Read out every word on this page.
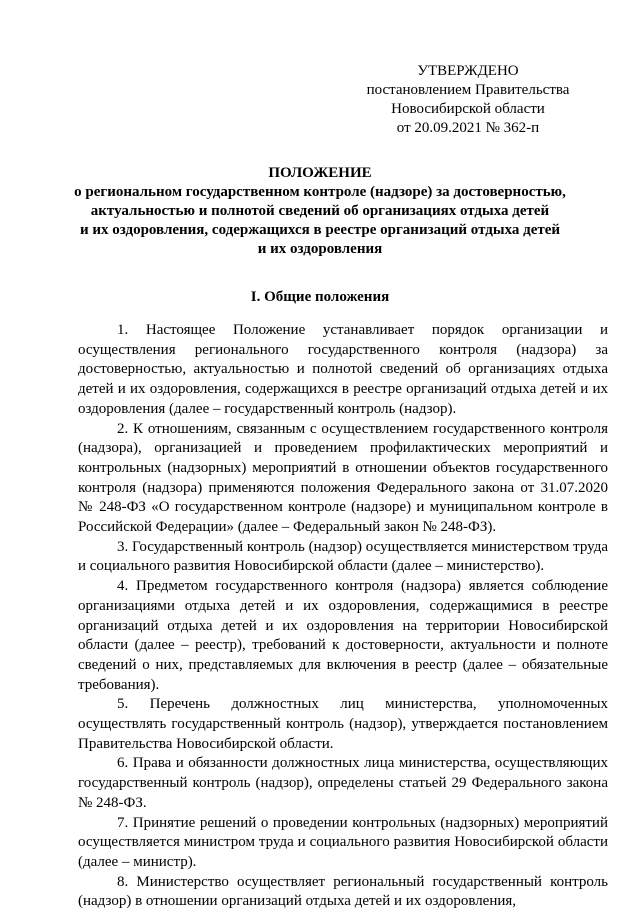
УТВЕРЖДЕНО
постановлением Правительства
Новосибирской области
от 20.09.2021 № 362-п
ПОЛОЖЕНИЕ
о региональном государственном контроле (надзоре) за достоверностью,
актуальностью и полнотой сведений об организациях отдыха детей
и их оздоровления, содержащихся в реестре организаций отдыха детей
и их оздоровления
I. Общие положения

1. Настоящее Положение устанавливает порядок организации и осуществления регионального государственного контроля (надзора) за достоверностью, актуальностью и полнотой сведений об организациях отдыха детей и их оздоровления, содержащихся в реестре организаций отдыха детей и их оздоровления (далее – государственный контроль (надзор).

2. К отношениям, связанным с осуществлением государственного контроля (надзора), организацией и проведением профилактических мероприятий и контрольных (надзорных) мероприятий в отношении объектов государственного контроля (надзора) применяются положения Федерального закона от 31.07.2020 № 248-ФЗ «О государственном контроле (надзоре) и муниципальном контроле в Российской Федерации» (далее – Федеральный закон № 248-ФЗ).

3. Государственный контроль (надзор) осуществляется министерством труда и социального развития Новосибирской области (далее – министерство).

4. Предметом государственного контроля (надзора) является соблюдение организациями отдыха детей и их оздоровления, содержащимися в реестре организаций отдыха детей и их оздоровления на территории Новосибирской области (далее – реестр), требований к достоверности, актуальности и полноте сведений о них, представляемых для включения в реестр (далее – обязательные требования).

5. Перечень должностных лиц министерства, уполномоченных осуществлять государственный контроль (надзор), утверждается постановлением Правительства Новосибирской области.

6. Права и обязанности должностных лица министерства, осуществляющих государственный контроль (надзор), определены статьей 29 Федерального закона № 248-ФЗ.

7. Принятие решений о проведении контрольных (надзорных) мероприятий осуществляется министром труда и социального развития Новосибирской области (далее – министр).

8. Министерство осуществляет региональный государственный контроль (надзор) в отношении организаций отдыха детей и их оздоровления,
